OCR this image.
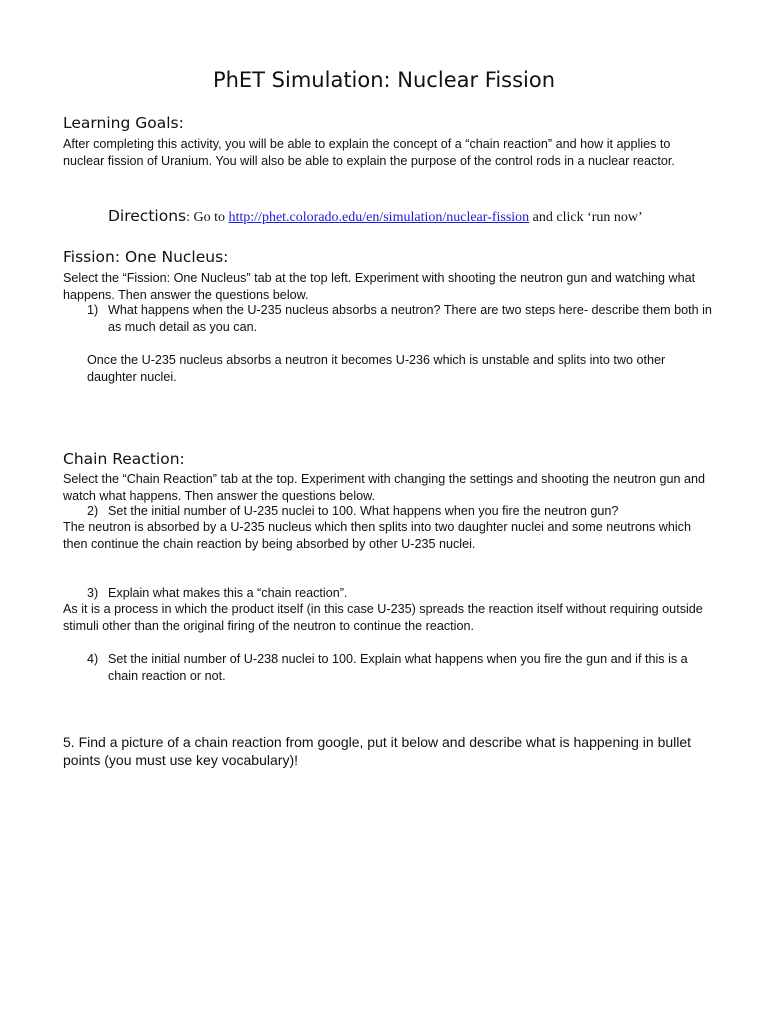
PhET Simulation: Nuclear Fission
Learning Goals:
After completing this activity, you will be able to explain the concept of a “chain reaction” and how it applies to nuclear fission of Uranium. You will also be able to explain the purpose of the control rods in a nuclear reactor.
Directions: Go to http://phet.colorado.edu/en/simulation/nuclear-fission and click ‘run now’
Fission: One Nucleus:
Select the “Fission: One Nucleus” tab at the top left. Experiment with shooting the neutron gun and watching what happens. Then answer the questions below.
1) What happens when the U-235 nucleus absorbs a neutron? There are two steps here- describe them both in as much detail as you can.
Once the U-235 nucleus absorbs a neutron it becomes U-236 which is unstable and splits into two other daughter nuclei.
Chain Reaction:
Select the “Chain Reaction” tab at the top. Experiment with changing the settings and shooting the neutron gun and watch what happens. Then answer the questions below.
2) Set the initial number of U-235 nuclei to 100. What happens when you fire the neutron gun?
The neutron is absorbed by a U-235 nucleus which then splits into two daughter nuclei and some neutrons which then continue the chain reaction by being absorbed by other U-235 nuclei.
3) Explain what makes this a “chain reaction”.
As it is a process in which the product itself (in this case U-235) spreads the reaction itself without requiring outside stimuli other than the original firing of the neutron to continue the reaction.
4) Set the initial number of U-238 nuclei to 100. Explain what happens when you fire the gun and if this is a chain reaction or not.
5. Find a picture of a chain reaction from google, put it below and describe what is happening in bullet points (you must use key vocabulary)!
